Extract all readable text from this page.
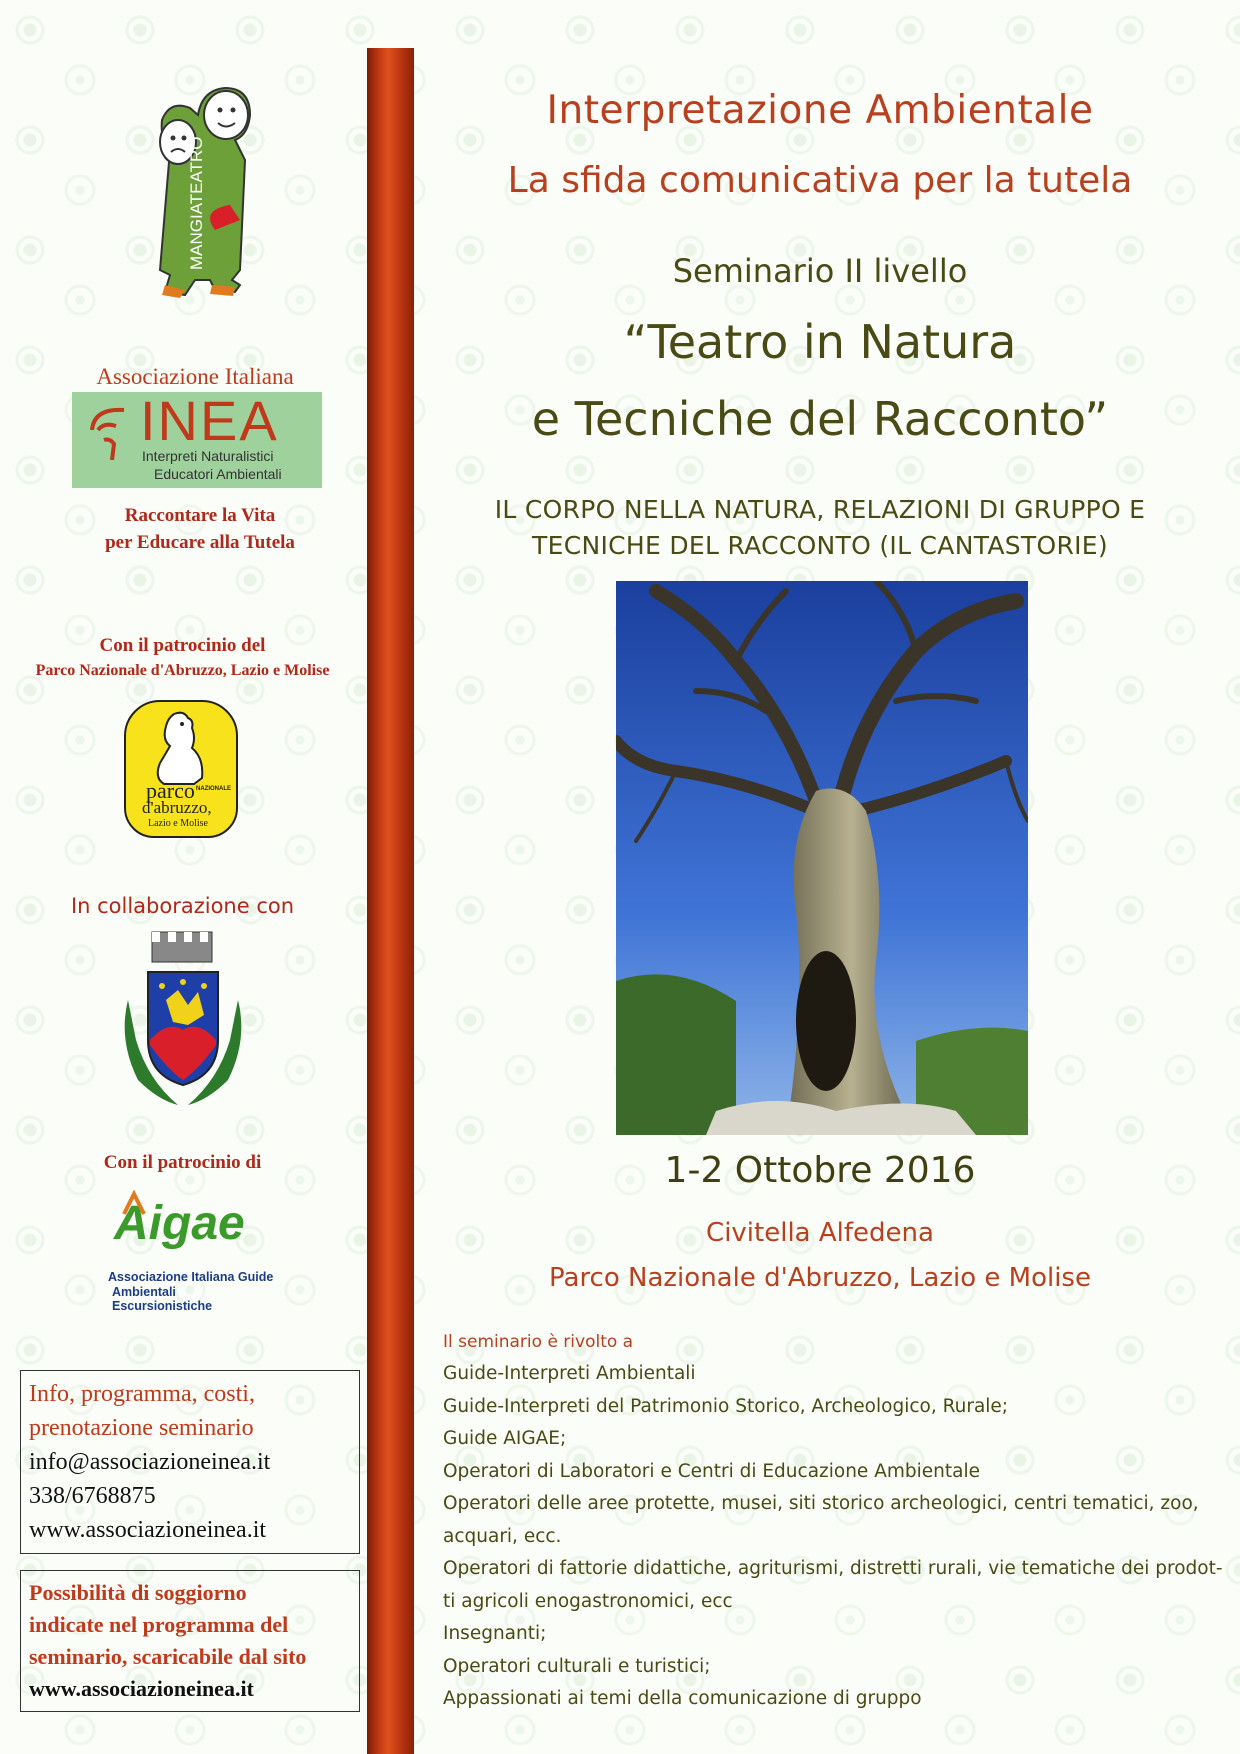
MANGIATEATRO
Associazione Italiana
INEA
Interpreti Naturalistici
Educatori Ambientali
Raccontare la Vita
per Educare alla Tutela
Con il patrocinio del
Parco Nazionale d'Abruzzo, Lazio e Molise
parco NAZIONALE
d'abruzzo,
Lazio e Molise
In collaborazione con
Con il patrocinio di
Aigae
Associazione Italiana Guide
Ambientali Escursionistiche
Info, programma, costi,
prenotazione seminario
info@associazioneinea.it
338/6768875
www.associazioneinea.it
Possibilità di soggiorno
indicate nel programma del
seminario, scaricabile dal sito
www.associazioneinea.it
Interpretazione Ambientale
La sfida comunicativa per la tutela
Seminario II livello
“Teatro in Natura
e Tecniche del Racconto”
IL CORPO NELLA NATURA, RELAZIONI DI GRUPPO E
TECNICHE DEL RACCONTO (IL CANTASTORIE)
1-2 Ottobre 2016
Civitella Alfedena
Parco Nazionale d'Abruzzo, Lazio e Molise
Il seminario è rivolto a
Guide-Interpreti Ambientali
Guide-Interpreti del Patrimonio Storico, Archeologico, Rurale;
Guide AIGAE;
Operatori di Laboratori e Centri di Educazione Ambientale
Operatori delle aree protette, musei, siti storico archeologici, centri tematici, zoo,
acquari, ecc.
Operatori di fattorie didattiche, agriturismi, distretti rurali, vie tematiche dei prodot-
ti agricoli enogastronomici, ecc
Insegnanti;
Operatori culturali e turistici;
Appassionati ai temi della comunicazione di gruppo
